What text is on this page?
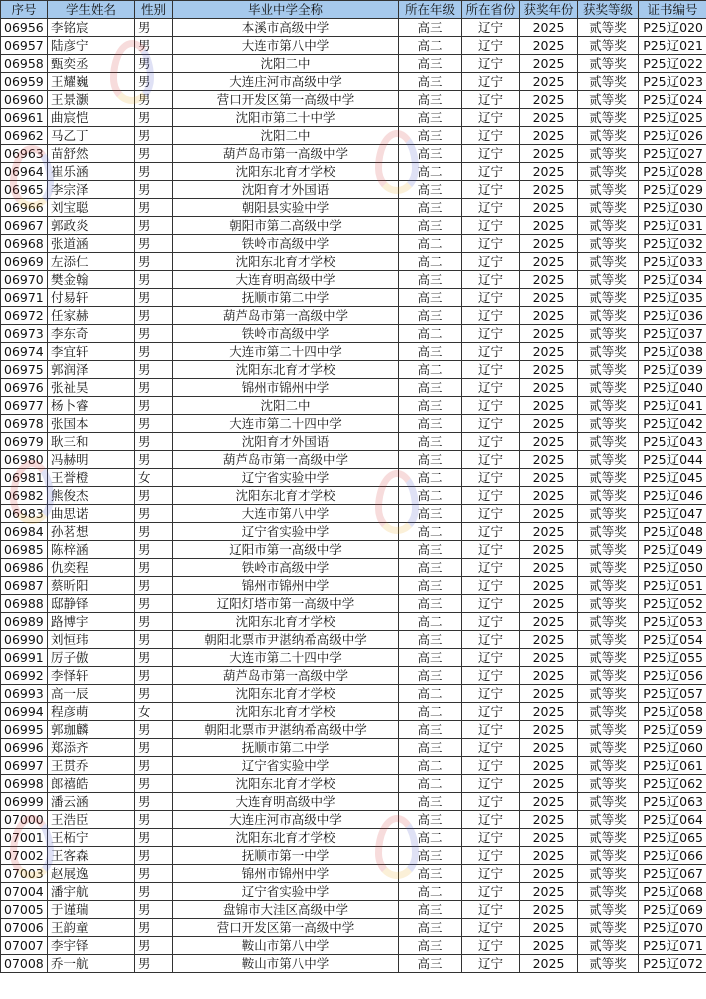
序号	学生姓名	性别	毕业中学全称	所在年级	所在省份	获奖年份	获奖等级	证书编号
06956	李铭宸	男	本溪市高级中学	高三	辽宁	2025	贰等奖	P25辽020
06957	陆彦宁	男	大连市第八中学	高二	辽宁	2025	贰等奖	P25辽021
06958	甄奕丞	男	沈阳二中	高三	辽宁	2025	贰等奖	P25辽022
06959	王耀巍	男	大连庄河市高级中学	高三	辽宁	2025	贰等奖	P25辽023
06960	王景灏	男	营口开发区第一高级中学	高三	辽宁	2025	贰等奖	P25辽024
06961	曲宸恺	男	沈阳市第二十中学	高三	辽宁	2025	贰等奖	P25辽025
06962	马乙丁	男	沈阳二中	高三	辽宁	2025	贰等奖	P25辽026
06963	苗舒然	男	葫芦岛市第一高级中学	高三	辽宁	2025	贰等奖	P25辽027
06964	崔乐涵	男	沈阳东北育才学校	高二	辽宁	2025	贰等奖	P25辽028
06965	李宗泽	男	沈阳育才外国语	高三	辽宁	2025	贰等奖	P25辽029
06966	刘宝聪	男	朝阳县实验中学	高三	辽宁	2025	贰等奖	P25辽030
06967	郭政炎	男	朝阳市第二高级中学	高三	辽宁	2025	贰等奖	P25辽031
06968	张道涵	男	铁岭市高级中学	高二	辽宁	2025	贰等奖	P25辽032
06969	左添仁	男	沈阳东北育才学校	高二	辽宁	2025	贰等奖	P25辽033
06970	樊金翰	男	大连育明高级中学	高三	辽宁	2025	贰等奖	P25辽034
06971	付易轩	男	抚顺市第二中学	高三	辽宁	2025	贰等奖	P25辽035
06972	任家赫	男	葫芦岛市第一高级中学	高三	辽宁	2025	贰等奖	P25辽036
06973	李东奇	男	铁岭市高级中学	高二	辽宁	2025	贰等奖	P25辽037
06974	李宜轩	男	大连市第二十四中学	高三	辽宁	2025	贰等奖	P25辽038
06975	郭润泽	男	沈阳东北育才学校	高二	辽宁	2025	贰等奖	P25辽039
06976	张祉昊	男	锦州市锦州中学	高三	辽宁	2025	贰等奖	P25辽040
06977	杨卜睿	男	沈阳二中	高三	辽宁	2025	贰等奖	P25辽041
06978	张国本	男	大连市第二十四中学	高三	辽宁	2025	贰等奖	P25辽042
06979	耿三和	男	沈阳育才外国语	高三	辽宁	2025	贰等奖	P25辽043
06980	冯赫明	男	葫芦岛市第一高级中学	高三	辽宁	2025	贰等奖	P25辽044
06981	王誉橙	女	辽宁省实验中学	高二	辽宁	2025	贰等奖	P25辽045
06982	熊俊杰	男	沈阳东北育才学校	高二	辽宁	2025	贰等奖	P25辽046
06983	曲思诺	男	大连市第八中学	高三	辽宁	2025	贰等奖	P25辽047
06984	孙茗想	男	辽宁省实验中学	高二	辽宁	2025	贰等奖	P25辽048
06985	陈梓涵	男	辽阳市第一高级中学	高三	辽宁	2025	贰等奖	P25辽049
06986	仇奕程	男	铁岭市高级中学	高三	辽宁	2025	贰等奖	P25辽050
06987	蔡昕阳	男	锦州市锦州中学	高三	辽宁	2025	贰等奖	P25辽051
06988	邸静铎	男	辽阳灯塔市第一高级中学	高三	辽宁	2025	贰等奖	P25辽052
06989	路博宇	男	沈阳东北育才学校	高二	辽宁	2025	贰等奖	P25辽053
06990	刘恒玮	男	朝阳北票市尹湛纳希高级中学	高三	辽宁	2025	贰等奖	P25辽054
06991	厉子傲	男	大连市第二十四中学	高三	辽宁	2025	贰等奖	P25辽055
06992	李怿轩	男	葫芦岛市第一高级中学	高三	辽宁	2025	贰等奖	P25辽056
06993	高一辰	男	沈阳东北育才学校	高二	辽宁	2025	贰等奖	P25辽057
06994	程彦萌	女	沈阳东北育才学校	高二	辽宁	2025	贰等奖	P25辽058
06995	郭珈麟	男	朝阳北票市尹湛纳希高级中学	高三	辽宁	2025	贰等奖	P25辽059
06996	郑添齐	男	抚顺市第二中学	高三	辽宁	2025	贰等奖	P25辽060
06997	王贯乔	男	辽宁省实验中学	高二	辽宁	2025	贰等奖	P25辽061
06998	郎禧皓	男	沈阳东北育才学校	高二	辽宁	2025	贰等奖	P25辽062
06999	潘云涵	男	大连育明高级中学	高三	辽宁	2025	贰等奖	P25辽063
07000	王浩臣	男	大连庄河市高级中学	高三	辽宁	2025	贰等奖	P25辽064
07001	王柘宁	男	沈阳东北育才学校	高二	辽宁	2025	贰等奖	P25辽065
07002	王客森	男	抚顺市第一中学	高三	辽宁	2025	贰等奖	P25辽066
07003	赵展逸	男	锦州市锦州中学	高三	辽宁	2025	贰等奖	P25辽067
07004	潘宇航	男	辽宁省实验中学	高二	辽宁	2025	贰等奖	P25辽068
07005	于谨瑞	男	盘锦市大洼区高级中学	高三	辽宁	2025	贰等奖	P25辽069
07006	王韵童	男	营口开发区第一高级中学	高三	辽宁	2025	贰等奖	P25辽070
07007	李宇铎	男	鞍山市第八中学	高三	辽宁	2025	贰等奖	P25辽071
07008	乔一航	男	鞍山市第八中学	高三	辽宁	2025	贰等奖	P25辽072
